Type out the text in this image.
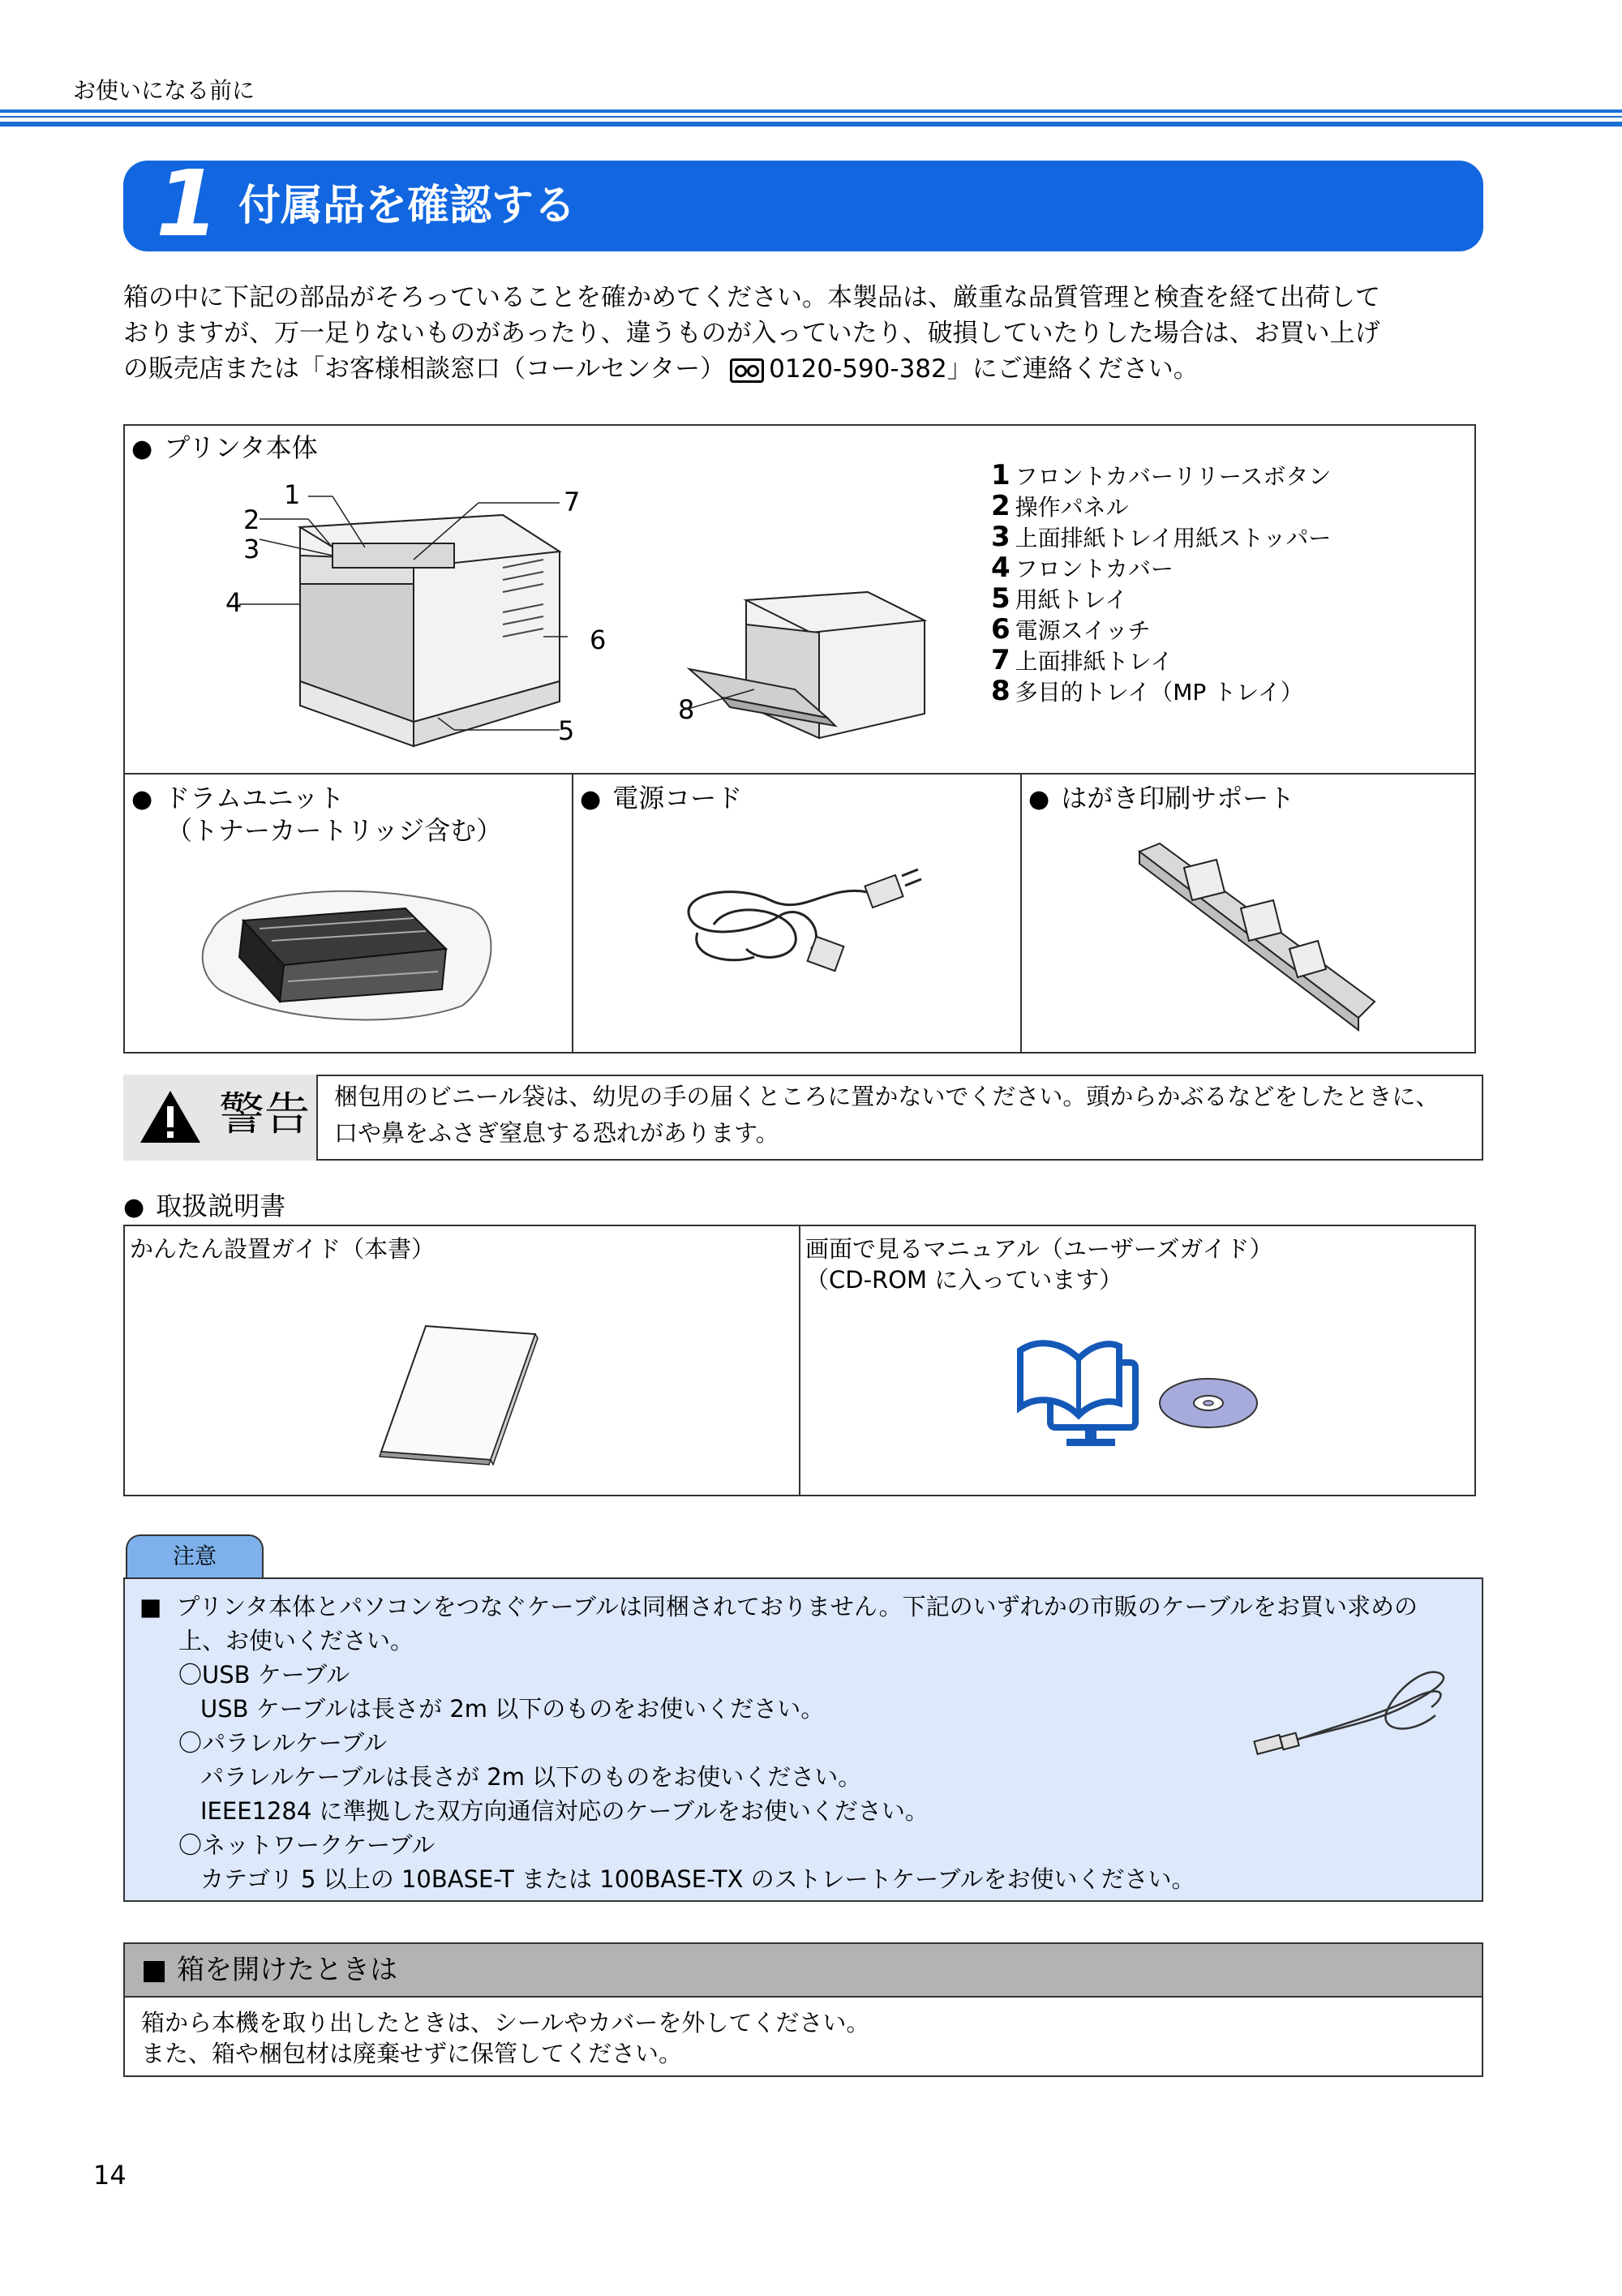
お使いになる前に
1 付属品を確認する
箱の中に下記の部品がそろっていることを確かめてください。本製品は、厳重な品質管理と検査を経て出荷して
おりますが、万一足りないものがあったり、違うものが入っていたり、破損していたりした場合は、お買い上げ
の販売店または「お客様相談窓口（コールセンター） 0120-590-382」にご連絡ください。
● プリンタ本体
1
2
3
4
5
6
7
8
1 フロントカバーリリースボタン
2 操作パネル
3 上面排紙トレイ用紙ストッパー
4 フロントカバー
5 用紙トレイ
6 電源スイッチ
7 上面排紙トレイ
8 多目的トレイ（MP トレイ）
● ドラムユニット
（トナーカートリッジ含む）
● 電源コード	● はがき印刷サポート
警告 梱包用のビニール袋は、幼児の手の届くところに置かないでください。頭からかぶるなどをしたときに、
口や鼻をふさぎ窒息する恐れがあります。
● 取扱説明書
かんたん設置ガイド（本書）	画面で見るマニュアル（ユーザーズガイド）
（CD-ROM に入っています）
注意
■ プリンタ本体とパソコンをつなぐケーブルは同梱されておりません。下記のいずれかの市販のケーブルをお買い求めの
上、お使いください。
〇USB ケーブル
USB ケーブルは長さが 2m 以下のものをお使いください。
〇パラレルケーブル
パラレルケーブルは長さが 2m 以下のものをお使いください。
IEEE1284 に準拠した双方向通信対応のケーブルをお使いください。
〇ネットワークケーブル
カテゴリ 5 以上の 10BASE-T または 100BASE-TX のストレートケーブルをお使いください。
■ 箱を開けたときは
箱から本機を取り出したときは、シールやカバーを外してください。
また、箱や梱包材は廃棄せずに保管してください。
14
